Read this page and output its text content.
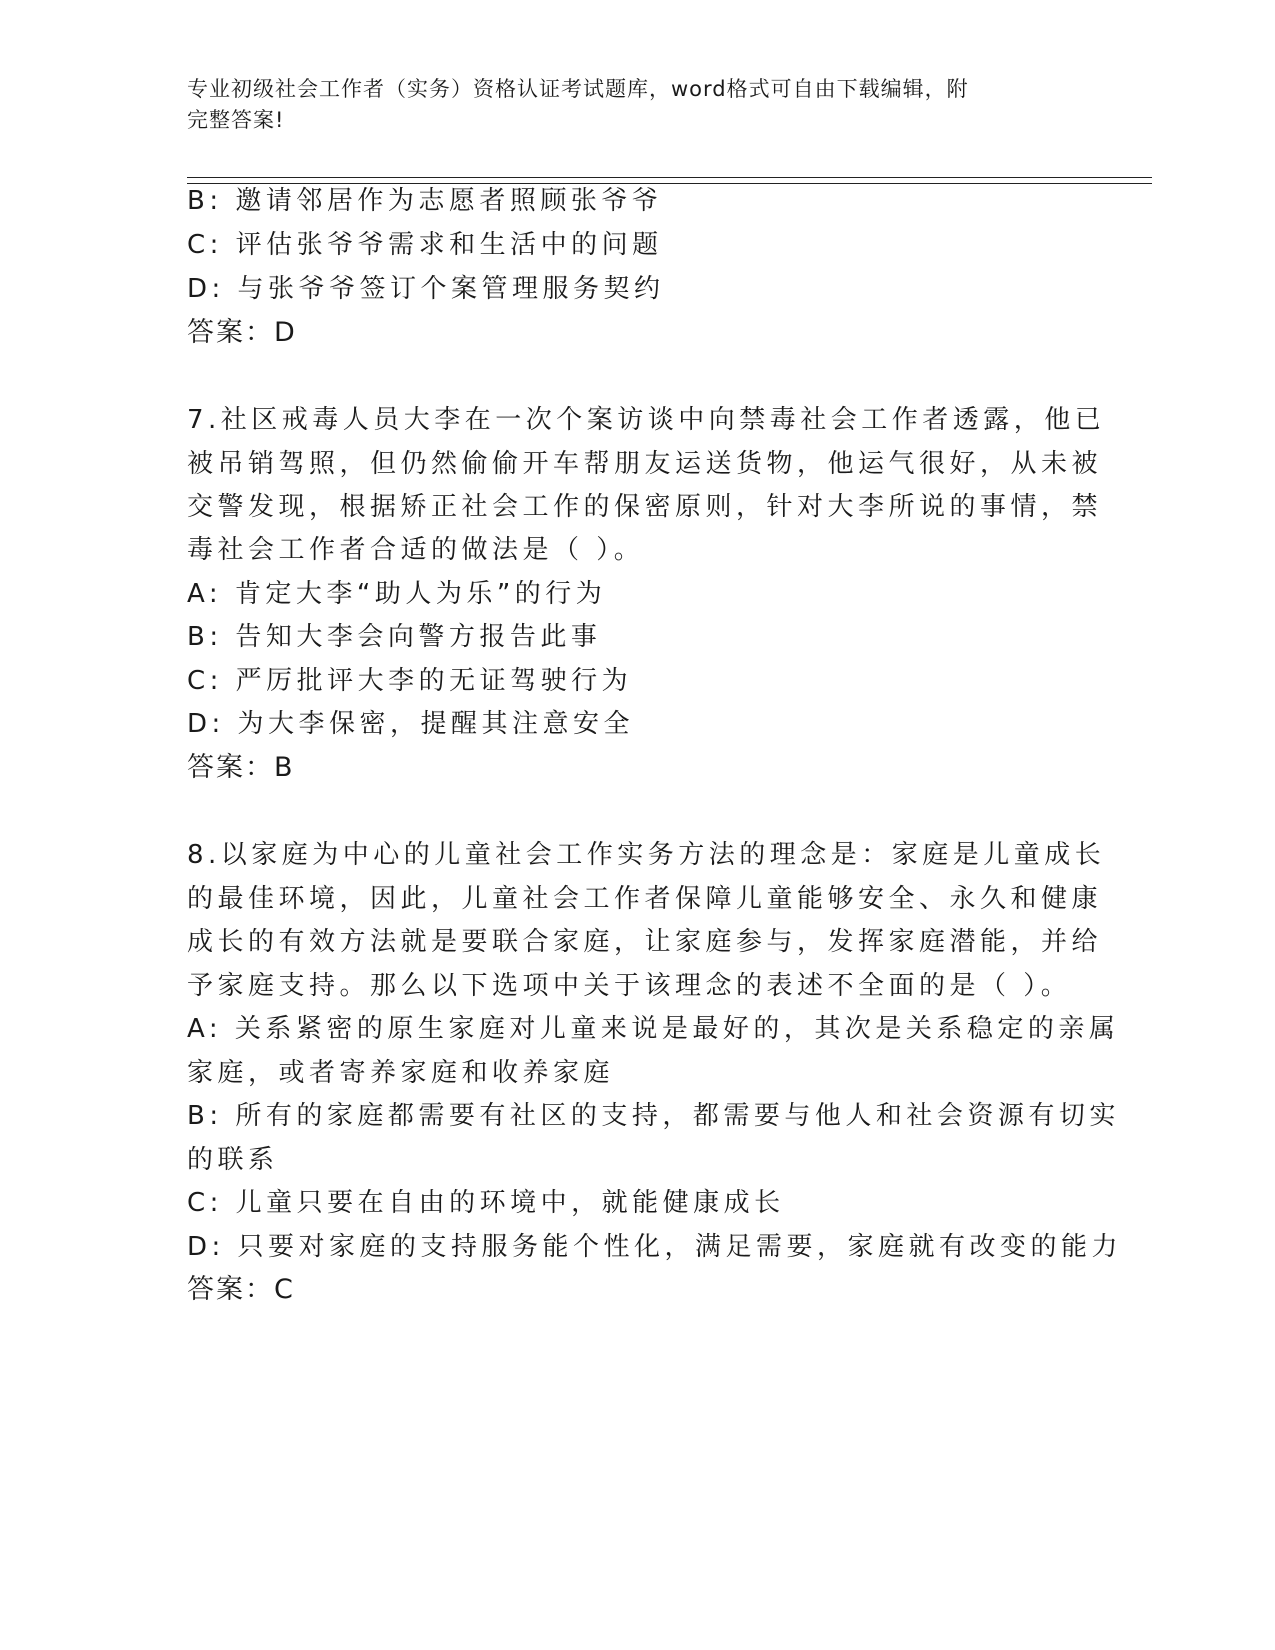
专业初级社会工作者（实务）资格认证考试题库，word格式可自由下载编辑，附
完整答案!
B: 邀请邻居作为志愿者照顾张爷爷
C: 评估张爷爷需求和生活中的问题
D: 与张爷爷签订个案管理服务契约
答案：D
7.社区戒毒人员大李在一次个案访谈中向禁毒社会工作者透露，他已
被吊销驾照，但仍然偷偷开车帮朋友运送货物，他运气很好，从未被
交警发现，根据矫正社会工作的保密原则，针对大李所说的事情，禁
毒社会工作者合适的做法是（ ）。
A: 肯定大李“助人为乐”的行为
B: 告知大李会向警方报告此事
C: 严厉批评大李的无证驾驶行为
D: 为大李保密，提醒其注意安全
答案：B
8.以家庭为中心的儿童社会工作实务方法的理念是：家庭是儿童成长
的最佳环境，因此，儿童社会工作者保障儿童能够安全、永久和健康
成长的有效方法就是要联合家庭，让家庭参与，发挥家庭潜能，并给
予家庭支持。那么以下选项中关于该理念的表述不全面的是（ ）。
A: 关系紧密的原生家庭对儿童来说是最好的，其次是关系稳定的亲属
家庭，或者寄养家庭和收养家庭
B: 所有的家庭都需要有社区的支持，都需要与他人和社会资源有切实
的联系
C: 儿童只要在自由的环境中，就能健康成长
D: 只要对家庭的支持服务能个性化，满足需要，家庭就有改变的能力
答案：C
